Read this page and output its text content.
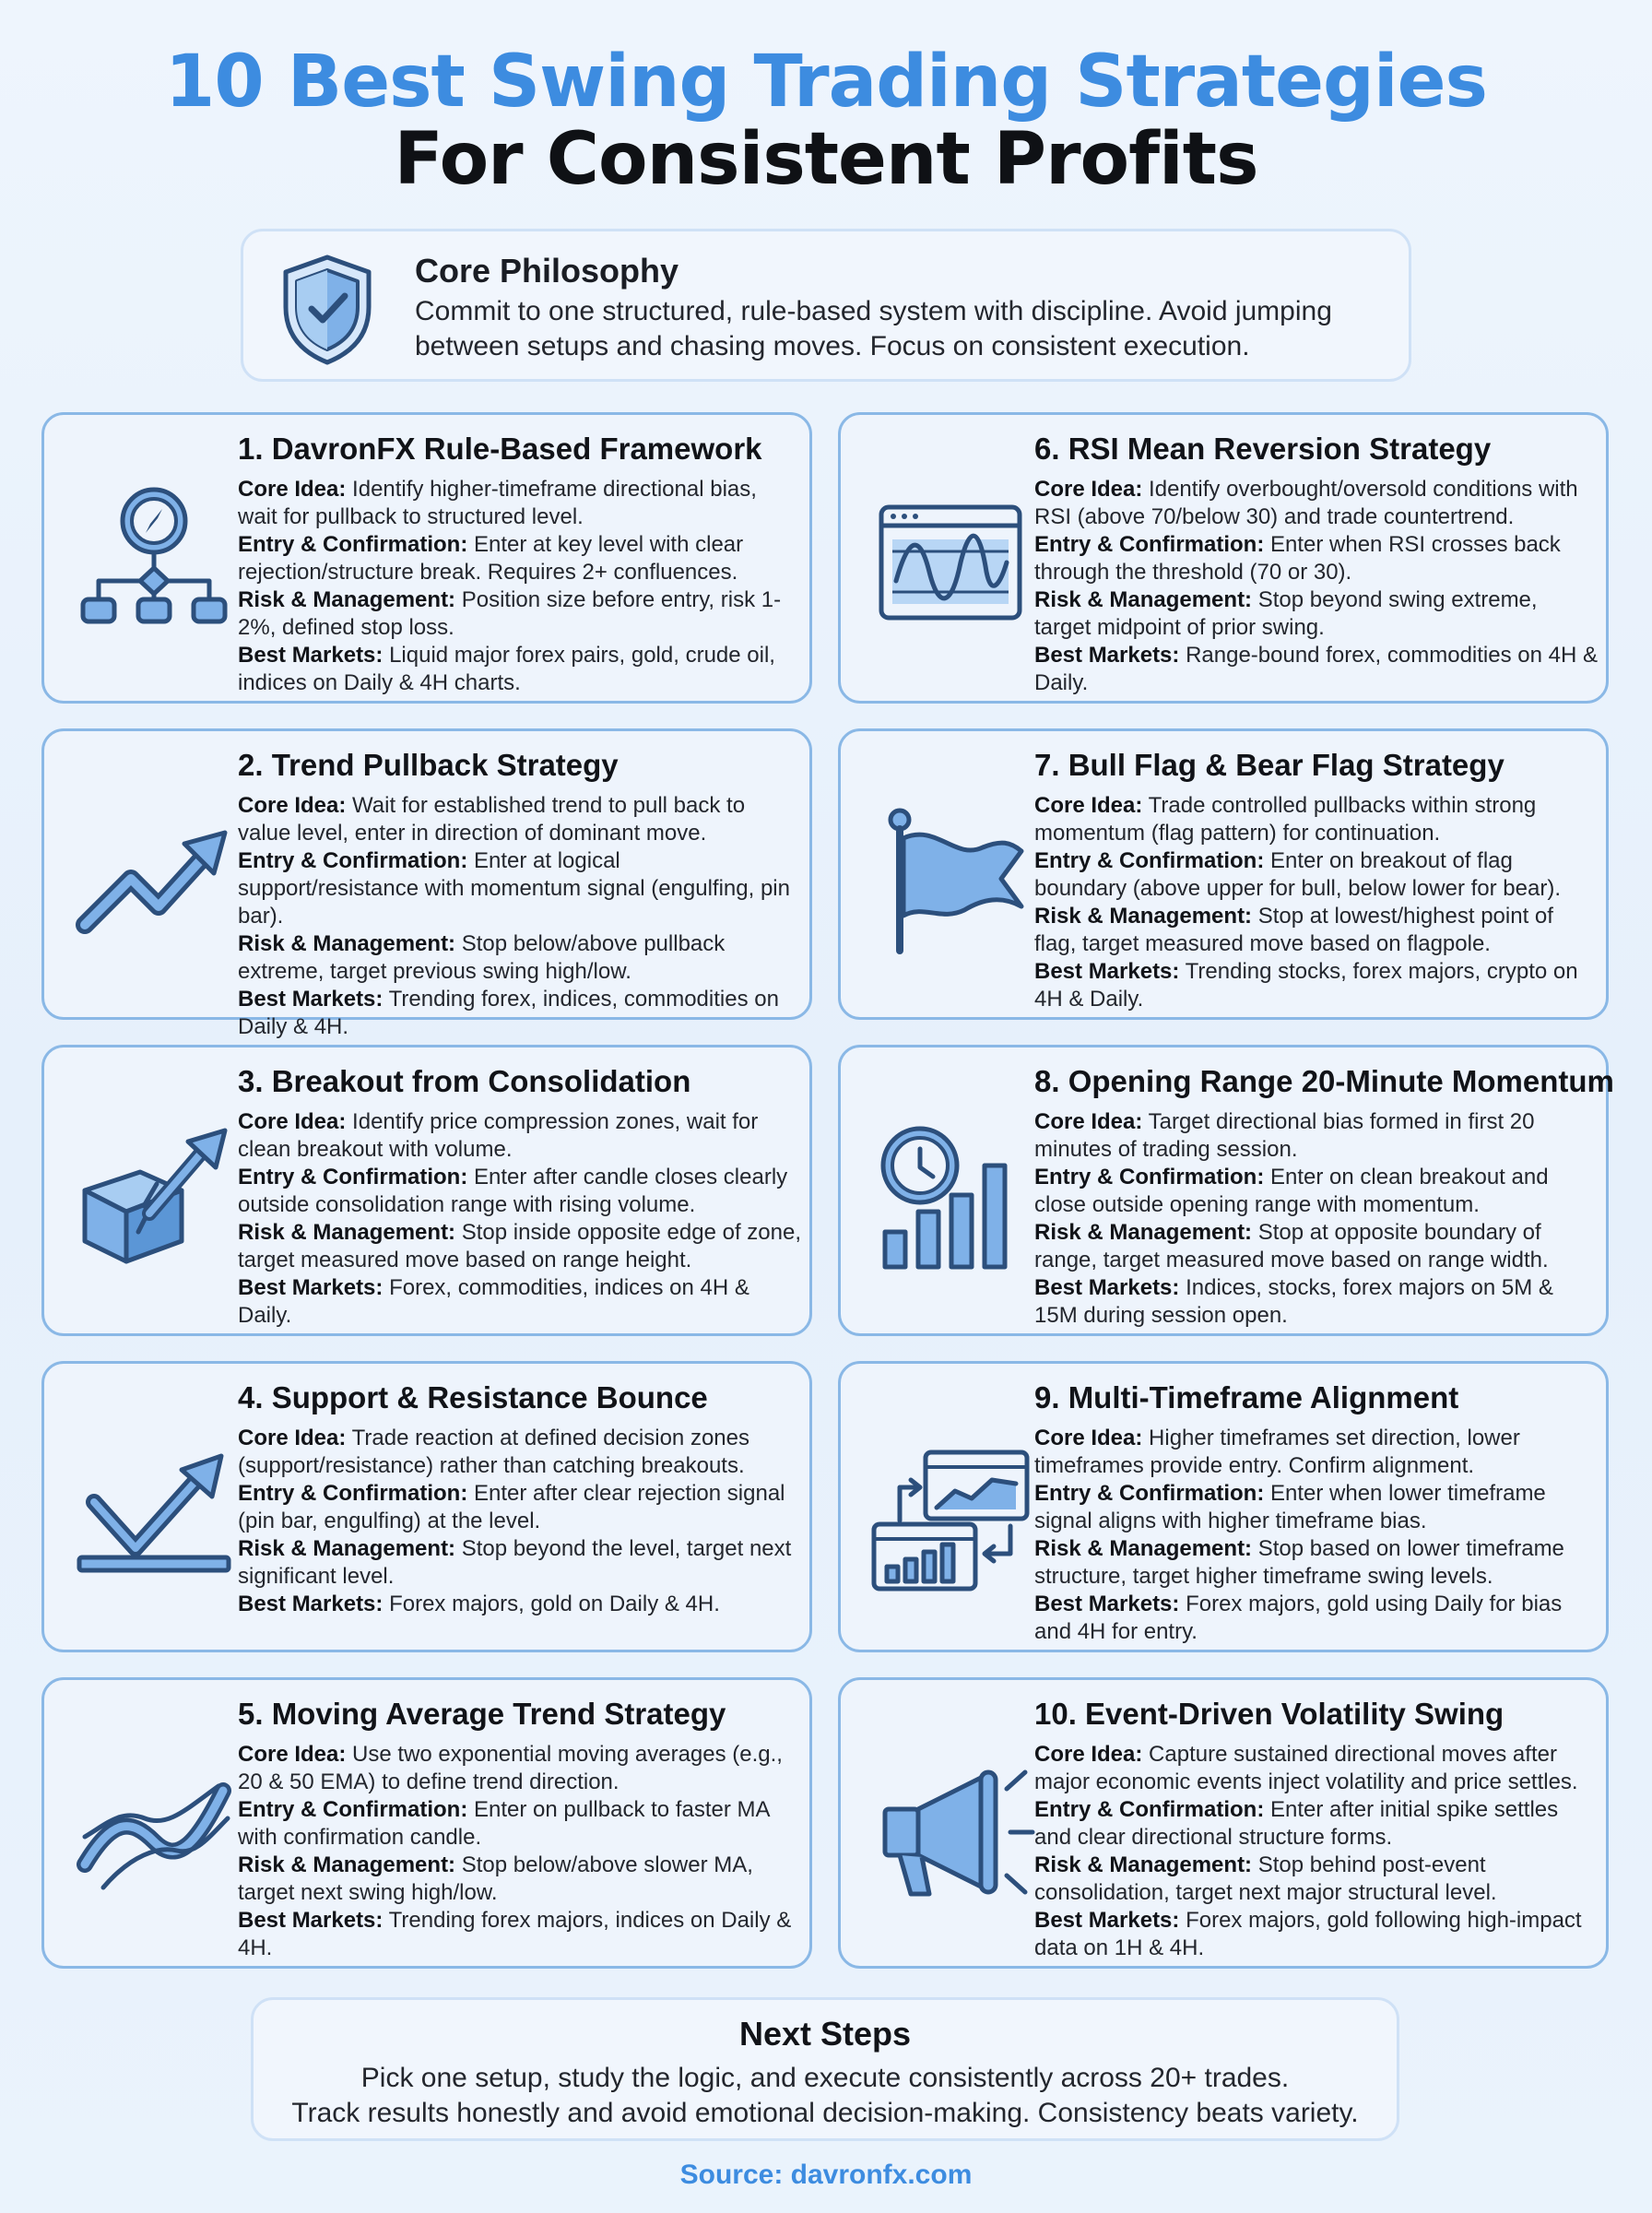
10 Best Swing Trading Strategies
For Consistent Profits
Core Philosophy
Commit to one structured, rule-based system with discipline. Avoid jumping between setups and chasing moves. Focus on consistent execution.
1. DavronFX Rule-Based Framework
Core Idea: Identify higher-timeframe directional bias, wait for pullback to structured level.
Entry & Confirmation: Enter at key level with clear rejection/structure break. Requires 2+ confluences.
Risk & Management: Position size before entry, risk 1-2%, defined stop loss.
Best Markets: Liquid major forex pairs, gold, crude oil, indices on Daily & 4H charts.
2. Trend Pullback Strategy
Core Idea: Wait for established trend to pull back to value level, enter in direction of dominant move.
Entry & Confirmation: Enter at logical support/resistance with momentum signal (engulfing, pin bar).
Risk & Management: Stop below/above pullback extreme, target previous swing high/low.
Best Markets: Trending forex, indices, commodities on Daily & 4H.
3. Breakout from Consolidation
Core Idea: Identify price compression zones, wait for clean breakout with volume.
Entry & Confirmation: Enter after candle closes clearly outside consolidation range with rising volume.
Risk & Management: Stop inside opposite edge of zone, target measured move based on range height.
Best Markets: Forex, commodities, indices on 4H & Daily.
4. Support & Resistance Bounce
Core Idea: Trade reaction at defined decision zones (support/resistance) rather than catching breakouts.
Entry & Confirmation: Enter after clear rejection signal (pin bar, engulfing) at the level.
Risk & Management: Stop beyond the level, target next significant level.
Best Markets: Forex majors, gold on Daily & 4H.
5. Moving Average Trend Strategy
Core Idea: Use two exponential moving averages (e.g., 20 & 50 EMA) to define trend direction.
Entry & Confirmation: Enter on pullback to faster MA with confirmation candle.
Risk & Management: Stop below/above slower MA, target next swing high/low.
Best Markets: Trending forex majors, indices on Daily & 4H.
6. RSI Mean Reversion Strategy
Core Idea: Identify overbought/oversold conditions with RSI (above 70/below 30) and trade countertrend.
Entry & Confirmation: Enter when RSI crosses back through the threshold (70 or 30).
Risk & Management: Stop beyond swing extreme, target midpoint of prior swing.
Best Markets: Range-bound forex, commodities on 4H & Daily.
7. Bull Flag & Bear Flag Strategy
Core Idea: Trade controlled pullbacks within strong momentum (flag pattern) for continuation.
Entry & Confirmation: Enter on breakout of flag boundary (above upper for bull, below lower for bear).
Risk & Management: Stop at lowest/highest point of flag, target measured move based on flagpole.
Best Markets: Trending stocks, forex majors, crypto on 4H & Daily.
8. Opening Range 20-Minute Momentum
Core Idea: Target directional bias formed in first 20 minutes of trading session.
Entry & Confirmation: Enter on clean breakout and close outside opening range with momentum.
Risk & Management: Stop at opposite boundary of range, target measured move based on range width.
Best Markets: Indices, stocks, forex majors on 5M & 15M during session open.
9. Multi-Timeframe Alignment
Core Idea: Higher timeframes set direction, lower timeframes provide entry. Confirm alignment.
Entry & Confirmation: Enter when lower timeframe signal aligns with higher timeframe bias.
Risk & Management: Stop based on lower timeframe structure, target higher timeframe swing levels.
Best Markets: Forex majors, gold using Daily for bias and 4H for entry.
10. Event-Driven Volatility Swing
Core Idea: Capture sustained directional moves after major economic events inject volatility and price settles.
Entry & Confirmation: Enter after initial spike settles and clear directional structure forms.
Risk & Management: Stop behind post-event consolidation, target next major structural level.
Best Markets: Forex majors, gold following high-impact data on 1H & 4H.
Next Steps
Pick one setup, study the logic, and execute consistently across 20+ trades.
Track results honestly and avoid emotional decision-making. Consistency beats variety.
Source: davronfx.com
